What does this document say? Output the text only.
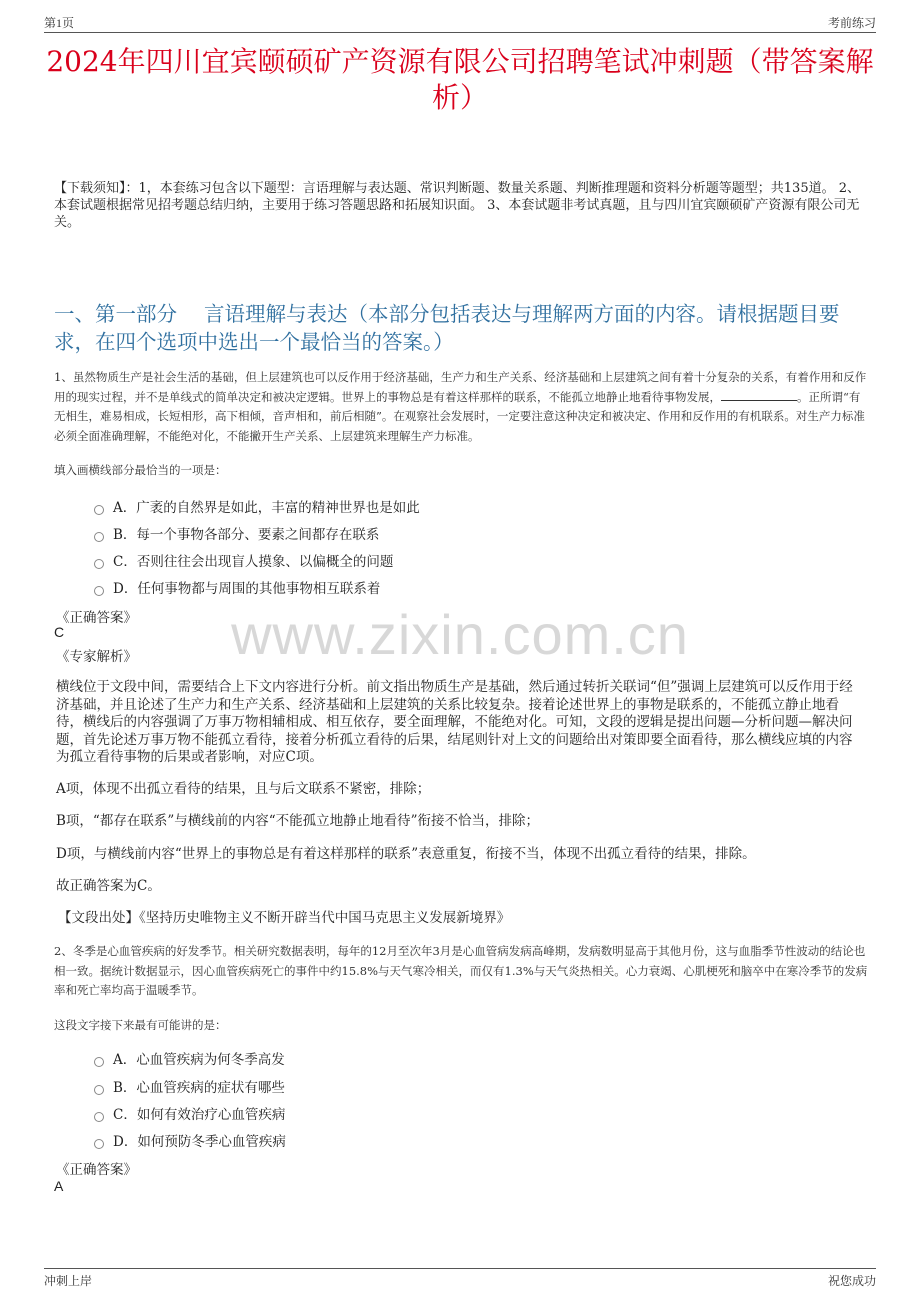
第1页	考前练习
2024年四川宜宾颐硕矿产资源有限公司招聘笔试冲刺题（带答案解析）
【下载须知】：1，本套练习包含以下题型：言语理解与表达题、常识判断题、数量关系题、判断推理题和资料分析题等题型；共135道。 2、本套试题根据常见招考题总结归纳，主要用于练习答题思路和拓展知识面。 3、本套试题非考试真题，且与四川宜宾颐硕矿产资源有限公司无关。
一、第一部分　 言语理解与表达（本部分包括表达与理解两方面的内容。请根据题目要求，在四个选项中选出一个最恰当的答案。）
www.zixin.com.cn
1、虽然物质生产是社会生活的基础，但上层建筑也可以反作用于经济基础，生产力和生产关系、经济基础和上层建筑之间有着十分复杂的关系，有着作用和反作用的现实过程，并不是单线式的简单决定和被决定逻辑。世界上的事物总是有着这样那样的联系，不能孤立地静止地看待事物发展，	。正所谓“有无相生，难易相成，长短相形，高下相倾，音声相和，前后相随”。在观察社会发展时，一定要注意这种决定和被决定、作用和反作用的有机联系。对生产力标准必须全面准确理解，不能绝对化，不能撇开生产关系、上层建筑来理解生产力标准。
填入画横线部分最恰当的一项是：
A．广袤的自然界是如此，丰富的精神世界也是如此
B．每一个事物各部分、要素之间都存在联系
C．否则往往会出现盲人摸象、以偏概全的问题
D．任何事物都与周围的其他事物相互联系着
《正确答案》
C
《专家解析》
横线位于文段中间，需要结合上下文内容进行分析。前文指出物质生产是基础，然后通过转折关联词“但”强调上层建筑可以反作用于经济基础，并且论述了生产力和生产关系、经济基础和上层建筑的关系比较复杂。接着论述世界上的事物是联系的，不能孤立静止地看待，横线后的内容强调了万事万物相辅相成、相互依存，要全面理解，不能绝对化。可知，文段的逻辑是提出问题—分析问题—解决问题，首先论述万事万物不能孤立看待，接着分析孤立看待的后果，结尾则针对上文的问题给出对策即要全面看待，那么横线应填的内容为孤立看待事物的后果或者影响，对应C项。
A项，体现不出孤立看待的结果，且与后文联系不紧密，排除；
B项，“都存在联系”与横线前的内容“不能孤立地静止地看待”衔接不恰当，排除；
D项，与横线前内容“世界上的事物总是有着这样那样的联系”表意重复，衔接不当，体现不出孤立看待的结果，排除。
故正确答案为C。
【文段出处】《坚持历史唯物主义不断开辟当代中国马克思主义发展新境界》
2、冬季是心血管疾病的好发季节。相关研究数据表明，每年的12月至次年3月是心血管病发病高峰期，发病数明显高于其他月份，这与血脂季节性波动的结论也相一致。据统计数据显示，因心血管疾病死亡的事件中约15.8%与天气寒冷相关，而仅有1.3%与天气炎热相关。心力衰竭、心肌梗死和脑卒中在寒冷季节的发病率和死亡率均高于温暖季节。
这段文字接下来最有可能讲的是：
A．心血管疾病为何冬季高发
B．心血管疾病的症状有哪些
C．如何有效治疗心血管疾病
D．如何预防冬季心血管疾病
《正确答案》
A
冲刺上岸	祝您成功
